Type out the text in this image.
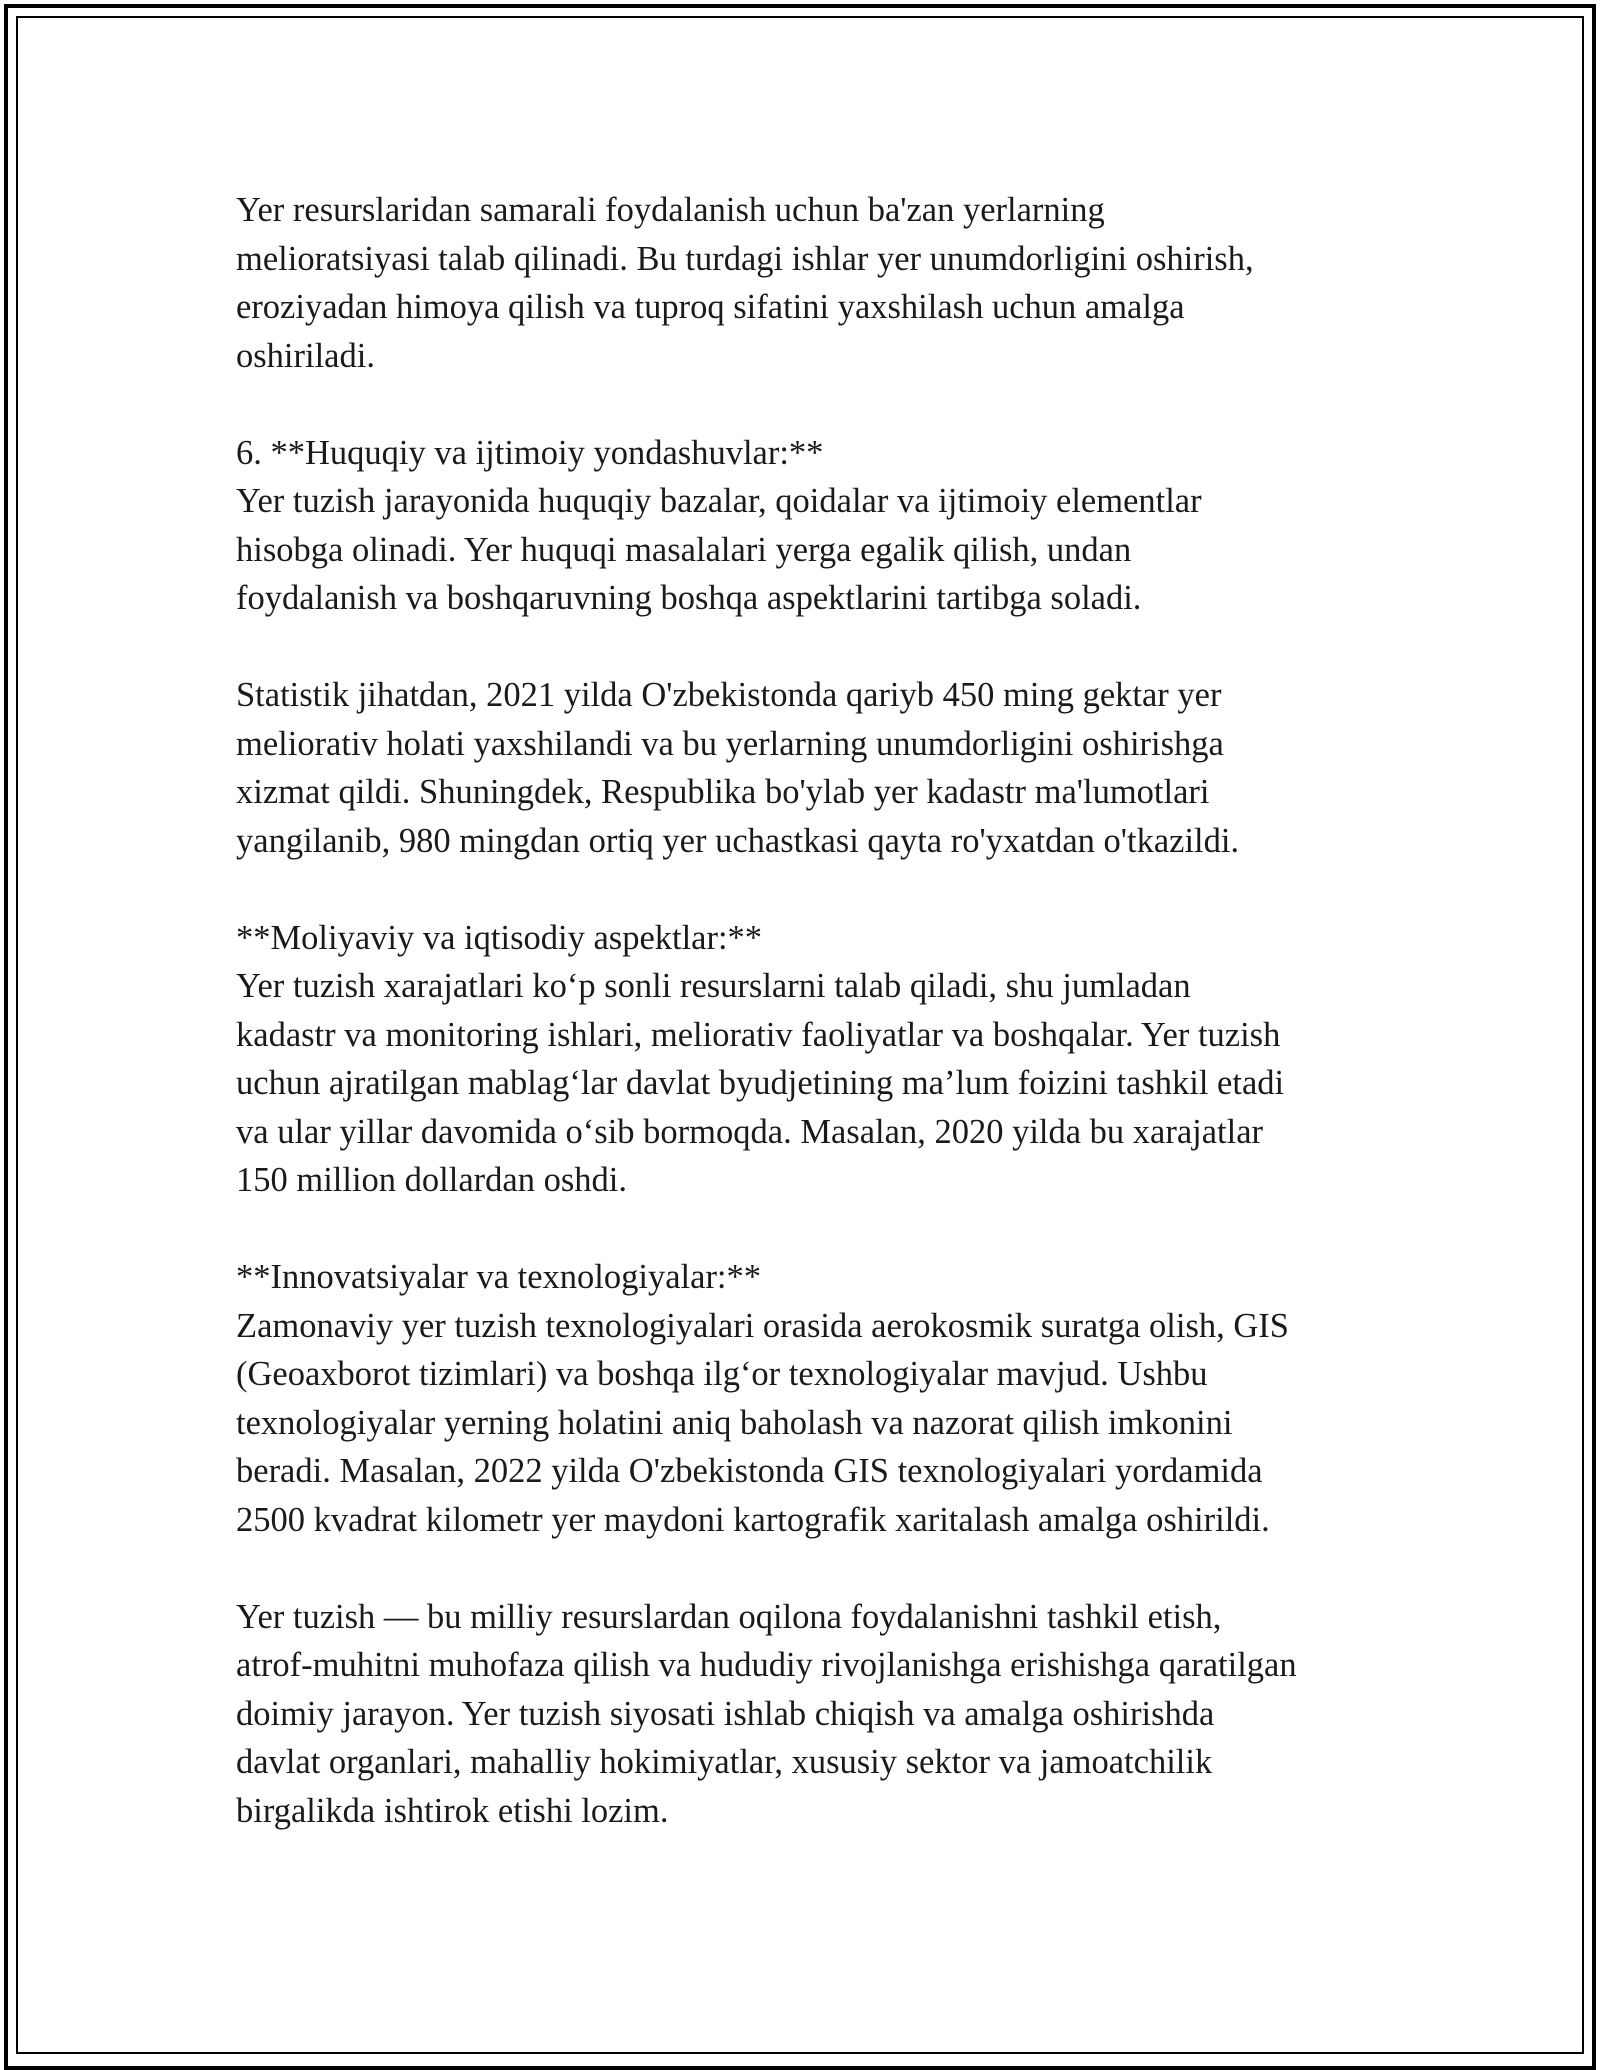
Yer resurslaridan samarali foydalanish uchun ba'zan yerlarning
melioratsiyasi talab qilinadi. Bu turdagi ishlar yer unumdorligini oshirish,
eroziyadan himoya qilish va tuproq sifatini yaxshilash uchun amalga
oshiriladi.

6. **Huquqiy va ijtimoiy yondashuvlar:**
Yer tuzish jarayonida huquqiy bazalar, qoidalar va ijtimoiy elementlar
hisobga olinadi. Yer huquqi masalalari yerga egalik qilish, undan
foydalanish va boshqaruvning boshqa aspektlarini tartibga soladi.

Statistik jihatdan, 2021 yilda O'zbekistonda qariyb 450 ming gektar yer
meliorativ holati yaxshilandi va bu yerlarning unumdorligini oshirishga
xizmat qildi. Shuningdek, Respublika bo'ylab yer kadastr ma'lumotlari
yangilanib, 980 mingdan ortiq yer uchastkasi qayta ro'yxatdan o'tkazildi.

**Moliyaviy va iqtisodiy aspektlar:**
Yer tuzish xarajatlari ko‘p sonli resurslarni talab qiladi, shu jumladan
kadastr va monitoring ishlari, meliorativ faoliyatlar va boshqalar. Yer tuzish
uchun ajratilgan mablag‘lar davlat byudjetining ma’lum foizini tashkil etadi
va ular yillar davomida o‘sib bormoqda. Masalan, 2020 yilda bu xarajatlar
150 million dollardan oshdi.

**Innovatsiyalar va texnologiyalar:**
Zamonaviy yer tuzish texnologiyalari orasida aerokosmik suratga olish, GIS
(Geoaxborot tizimlari) va boshqa ilg‘or texnologiyalar mavjud. Ushbu
texnologiyalar yerning holatini aniq baholash va nazorat qilish imkonini
beradi. Masalan, 2022 yilda O'zbekistonda GIS texnologiyalari yordamida
2500 kvadrat kilometr yer maydoni kartografik xaritalash amalga oshirildi.

Yer tuzish — bu milliy resurslardan oqilona foydalanishni tashkil etish,
atrof-muhitni muhofaza qilish va hududiy rivojlanishga erishishga qaratilgan
doimiy jarayon. Yer tuzish siyosati ishlab chiqish va amalga oshirishda
davlat organlari, mahalliy hokimiyatlar, xususiy sektor va jamoatchilik
birgalikda ishtirok etishi lozim.
